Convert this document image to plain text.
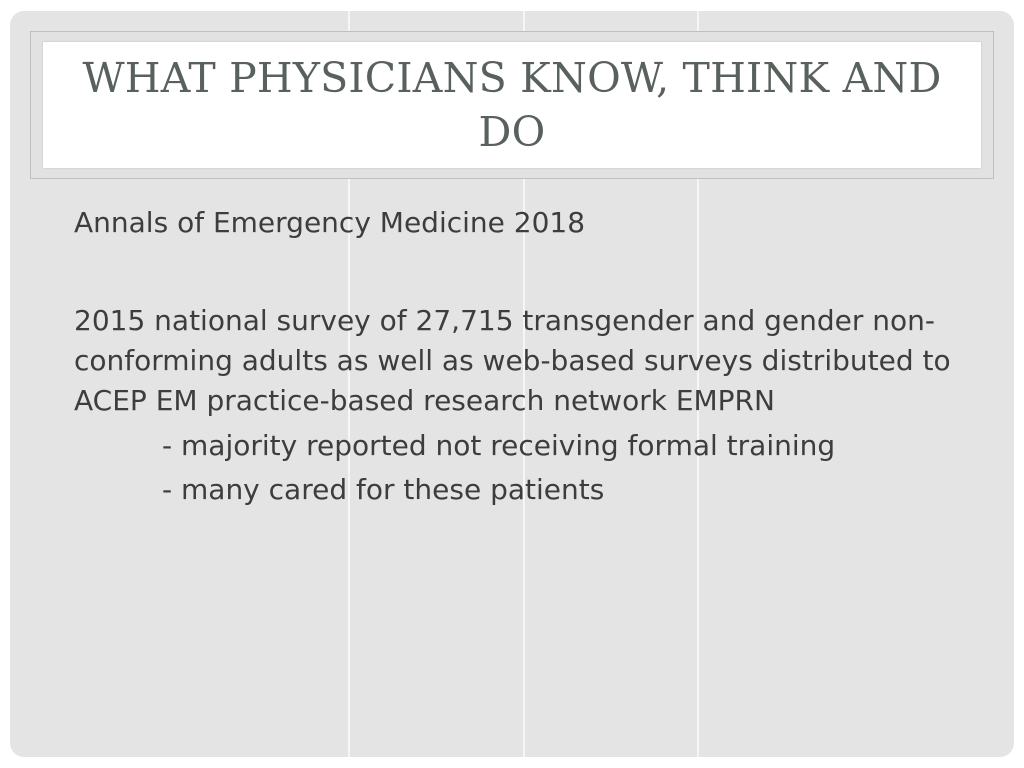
WHAT PHYSICIANS KNOW, THINK AND DO

Annals of Emergency Medicine 2018

2015 national survey of 27,715 transgender and gender non-conforming adults as well as web-based surveys distributed to ACEP EM practice-based research network EMPRN

- majority reported not receiving formal training

- many cared for these patients
